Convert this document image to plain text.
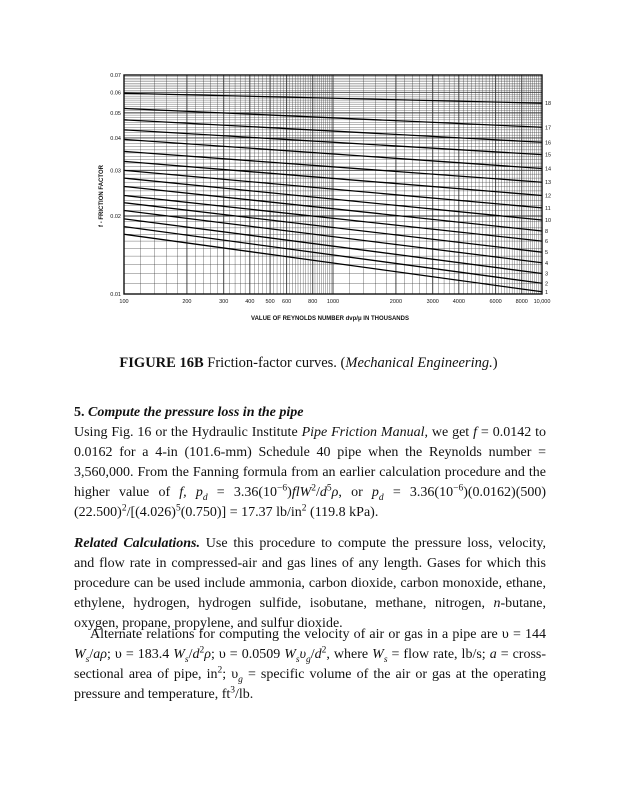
0.07
0.06
0.05
0.04
0.03
0.02
0.01
100	200	300	400 500 600	800 1000	2000	3000	4000	6000	8000 10,000
18
17
16
15
14
13
12
11
10
8
6
5
4
3
2
1
f - FRICTION FACTOR
VALUE OF REYNOLDS NUMBER dvp/μ IN THOUSANDS
FIGURE 16B Friction-factor curves. (Mechanical Engineering.)
5. Compute the pressure loss in the pipe
Using Fig. 16 or the Hydraulic Institute Pipe Friction Manual, we get f = 0.0142 to 0.0162 for a 4-in (101.6-mm) Schedule 40 pipe when the Reynolds number = 3,560,000. From the Fanning formula from an earlier calculation procedure and the higher value of f, $p_d = 3.36(10^{-6})flW^2/d^5\rho$, or $p_d = 3.36(10^{-6})(0.0162)(500)(22.500)^2/[(4.026)^5(0.750)] = 17.37$ $lb/in^2$ (119.8 kPa).
Related Calculations. Use this procedure to compute the pressure loss, velocity, and flow rate in compressed-air and gas lines of any length. Gases for which this procedure can be used include ammonia, carbon dioxide, carbon monoxide, ethane, ethylene, hydrogen, hydrogen sulfide, isobutane, methane, nitrogen, n-butane, oxygen, propane, propylene, and sulfur dioxide.
Alternate relations for computing the velocity of air or gas in a pipe are υ = 144 $W_s/a\rho$; υ = 183.4 $W_s/d^2\rho$; υ = 0.0509 $W_s\upsilon_g/d^2$, where $W_s$ = flow rate, lb/s; a = cross-sectional area of pipe, $in^2$; $\upsilon_g$ = specific volume of the air or gas at the operating pressure and temperature, $ft^3/lb$.
